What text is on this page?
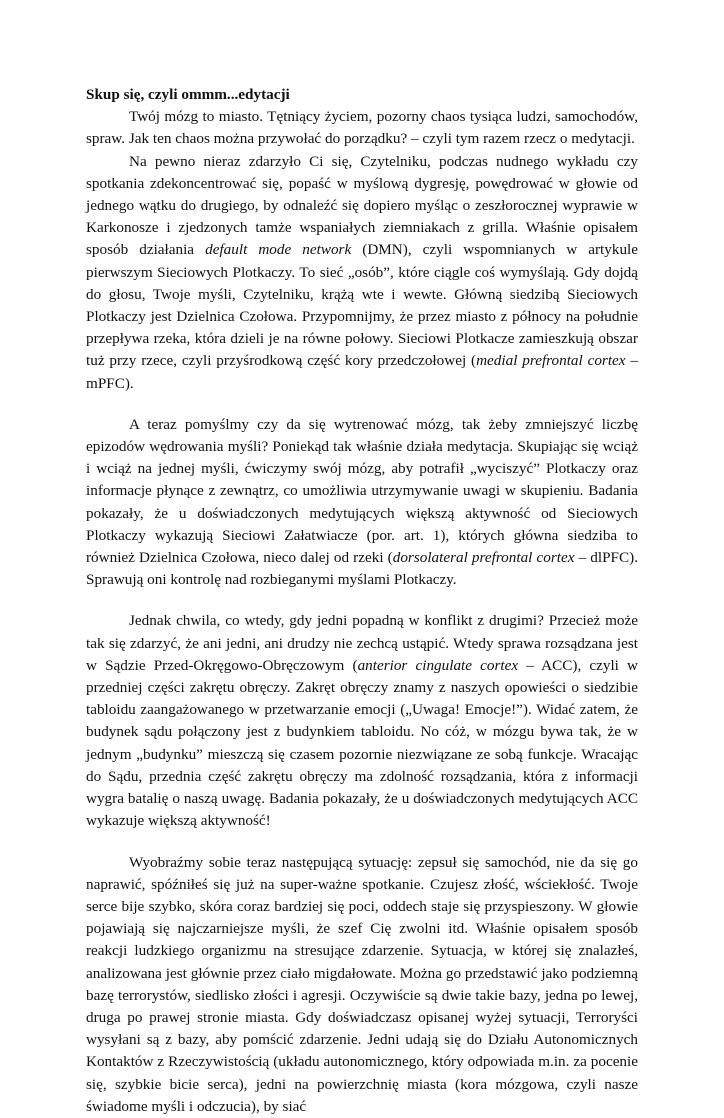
Skup się, czyli ommm...edytacji

Twój mózg to miasto. Tętniący życiem, pozorny chaos tysiąca ludzi, samochodów, spraw. Jak ten chaos można przywołać do porządku? – czyli tym razem rzecz o medytacji.

Na pewno nieraz zdarzyło Ci się, Czytelniku, podczas nudnego wykładu czy spotkania zdekoncentrować się, popaść w myślową dygresję, powędrować w głowie od jednego wątku do drugiego, by odnaleźć się dopiero myśląc o zeszłorocznej wyprawie w Karkonosze i zjedzonych tamże wspaniałych ziemniakach z grilla. Właśnie opisałem sposób działania default mode network (DMN), czyli wspomnianych w artykule pierwszym Sieciowych Plotkaczy. To sieć „osób”, które ciągle coś wymyślają. Gdy dojdą do głosu, Twoje myśli, Czytelniku, krążą wte i wewte. Główną siedzibą Sieciowych Plotkaczy jest Dzielnica Czołowa. Przypomnijmy, że przez miasto z północy na południe przepływa rzeka, która dzieli je na równe połowy. Sieciowi Plotkacze zamieszkują obszar tuż przy rzece, czyli przyśrodkową część kory przedczołowej (medial prefrontal cortex – mPFC).

A teraz pomyślmy czy da się wytrenować mózg, tak żeby zmniejszyć liczbę epizodów wędrowania myśli? Poniekąd tak właśnie działa medytacja. Skupiając się wciąż i wciąż na jednej myśli, ćwiczymy swój mózg, aby potrafił „wyciszyć” Plotkaczy oraz informacje płynące z zewnątrz, co umożliwia utrzymywanie uwagi w skupieniu. Badania pokazały, że u doświadczonych medytujących większą aktywność od Sieciowych Plotkaczy wykazują Sieciowi Załatwiacze (por. art. 1), których główna siedziba to również Dzielnica Czołowa, nieco dalej od rzeki (dorsolateral prefrontal cortex – dlPFC). Sprawują oni kontrolę nad rozbieganymi myślami Plotkaczy.

Jednak chwila, co wtedy, gdy jedni popadną w konflikt z drugimi? Przecież może tak się zdarzyć, że ani jedni, ani drudzy nie zechcą ustąpić. Wtedy sprawa rozsądzana jest w Sądzie Przed-Okręgowo-Obręczowym (anterior cingulate cortex – ACC), czyli w przedniej części zakrętu obręczy. Zakręt obręczy znamy z naszych opowieści o siedzibie tabloidu zaangażowanego w przetwarzanie emocji („Uwaga! Emocje!”). Widać zatem, że budynek sądu połączony jest z budynkiem tabloidu. No cóż, w mózgu bywa tak, że w jednym „budynku” mieszczą się czasem pozornie niezwiązane ze sobą funkcje. Wracając do Sądu, przednia część zakrętu obręczy ma zdolność rozsądzania, która z informacji wygra batalię o naszą uwagę. Badania pokazały, że u doświadczonych medytujących ACC wykazuje większą aktywność!

Wyobraźmy sobie teraz następującą sytuację: zepsuł się samochód, nie da się go naprawić, spóźniłeś się już na super-ważne spotkanie. Czujesz złość, wściekłość. Twoje serce bije szybko, skóra coraz bardziej się poci, oddech staje się przyspieszony. W głowie pojawiają się najczarniejsze myśli, że szef Cię zwolni itd. Właśnie opisałem sposób reakcji ludzkiego organizmu na stresujące zdarzenie. Sytuacja, w której się znalazłeś, analizowana jest głównie przez ciało migdałowate. Można go przedstawić jako podziemną bazę terrorystów, siedlisko złości i agresji. Oczywiście są dwie takie bazy, jedna po lewej, druga po prawej stronie miasta. Gdy doświadczasz opisanej wyżej sytuacji, Terroryści wysyłani są z bazy, aby pomścić zdarzenie. Jedni udają się do Działu Autonomicznych Kontaktów z Rzeczywistością (układu autonomicznego, który odpowiada m.in. za pocenie się, szybkie bicie serca), jedni na powierzchnię miasta (kora mózgowa, czyli nasze świadome myśli i odczucia), by siać
